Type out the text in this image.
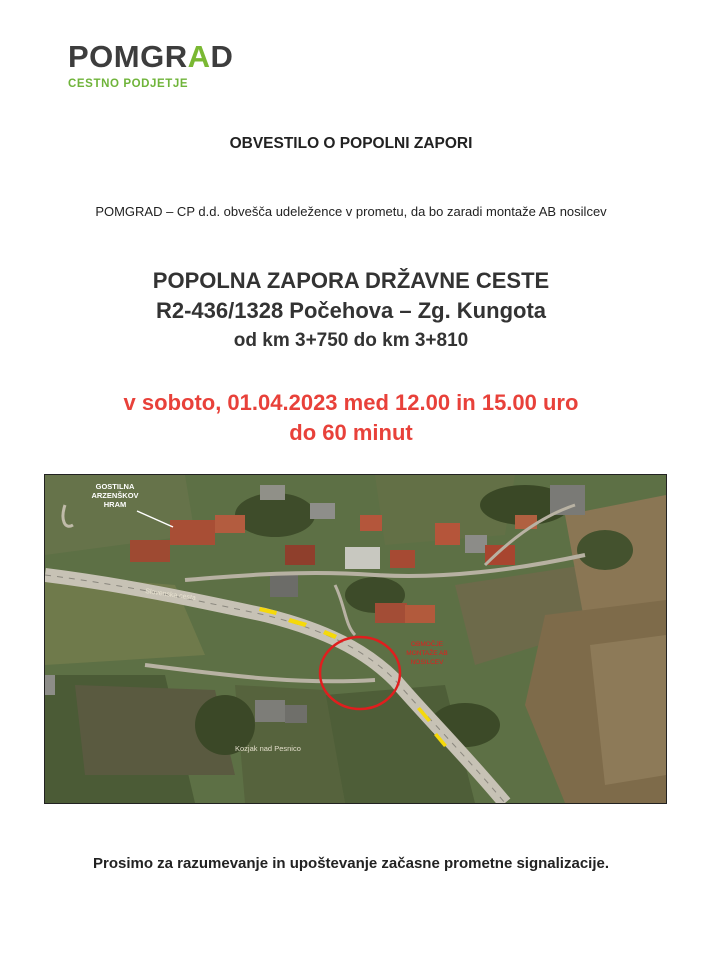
POMGRAD
CESTNO PODJETJE
OBVESTILO O POPOLNI ZAPORI
POMGRAD – CP d.d. obvešča udeležence v prometu, da bo zaradi montaže AB nosilcev
POPOLNA ZAPORA DRŽAVNE CESTE
R2-436/1328 Počehova – Zg. Kungota
od km 3+750 do km 3+810
v soboto, 01.04.2023 med 12.00 in 15.00 uro
do 60 minut
Slovenska cesta
GOSTILNA
ARZENŠKOV
HRAM
OBMOČJE
MONTAŽE AB
NOSILCEV
Kozjak nad Pesnico
Prosimo za razumevanje in upoštevanje začasne prometne signalizacije.
